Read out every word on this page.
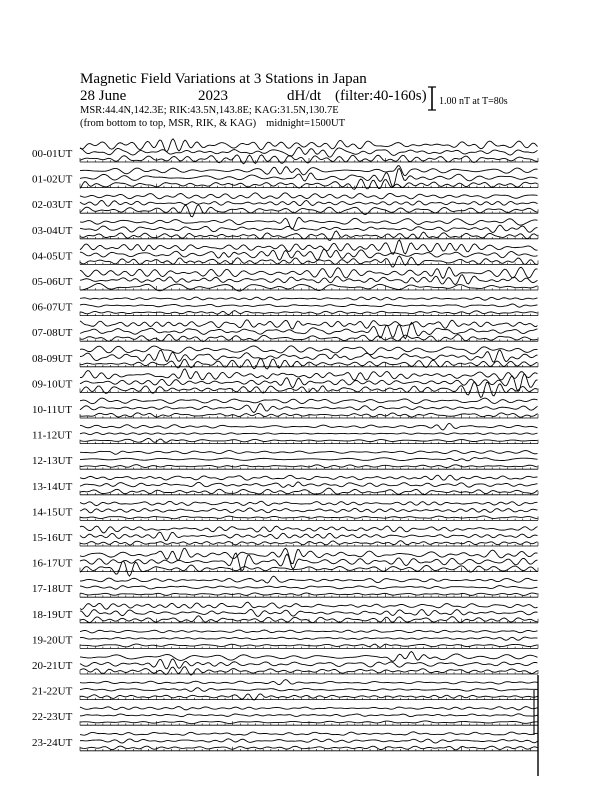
Magnetic Field Variations at 3 Stations in Japan
28 June	2023	dH/dt (filter:40-160s)
MSR:44.4N,142.3E; RIK:43.5N,143.8E; KAG:31.5N,130.7E
(from bottom to top, MSR, RIK, & KAG) midnight=1500UT
1.00 nT at T=80s
00-01UT
01-02UT
02-03UT
03-04UT
04-05UT
05-06UT
06-07UT
07-08UT
08-09UT
09-10UT
10-11UT
11-12UT
12-13UT
13-14UT
14-15UT
15-16UT
16-17UT
17-18UT
18-19UT
19-20UT
20-21UT
21-22UT
22-23UT
23-24UT
